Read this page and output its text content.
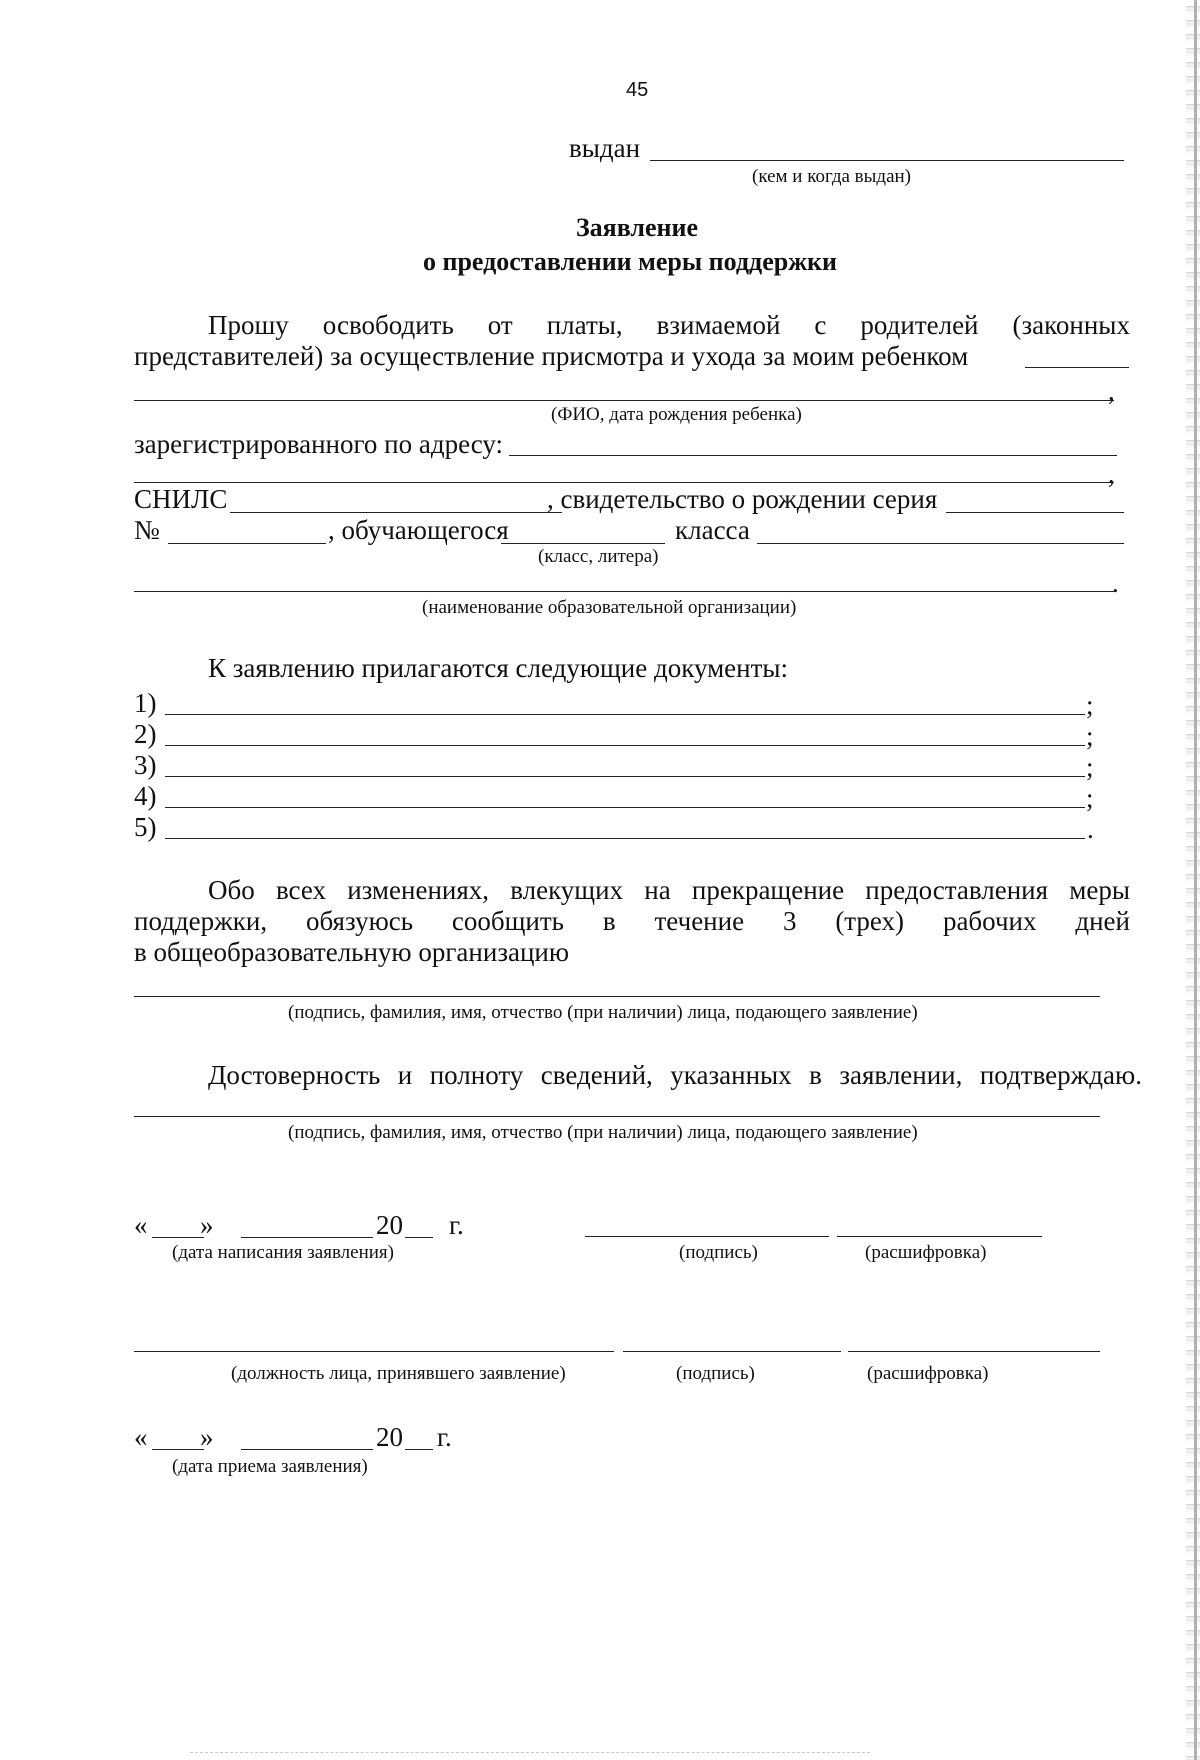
45
выдан
(кем и когда выдан)
Заявление
о предоставлении меры поддержки
Прошу освободить от платы, взимаемой с родителей (законных
представителей) за осуществление присмотра и ухода за моим ребенком
,
(ФИО, дата рождения ребенка)
зарегистрированного по адресу:
,
СНИЛС	, свидетельство о рождении серия
№	, обучающегося	класса
(класс, литера)
.
(наименование образовательной организации)
К заявлению прилагаются следующие документы:
1)	;
2)	;
3)	;
4)	;
5)	.
Обо всех изменениях, влекущих на прекращение предоставления меры
поддержки, обязуюсь сообщить в течение 3 (трех) рабочих дней
в общеобразовательную организацию
(подпись, фамилия, имя, отчество (при наличии) лица, подающего заявление)
Достоверность и полноту сведений, указанных в заявлении, подтверждаю.
(подпись, фамилия, имя, отчество (при наличии) лица, подающего заявление)
« »	20 г.
(дата написания заявления)	(подпись)	(расшифровка)
(должность лица, принявшего заявление)	(подпись)	(расшифровка)
« »	20 г.
(дата приема заявления)
